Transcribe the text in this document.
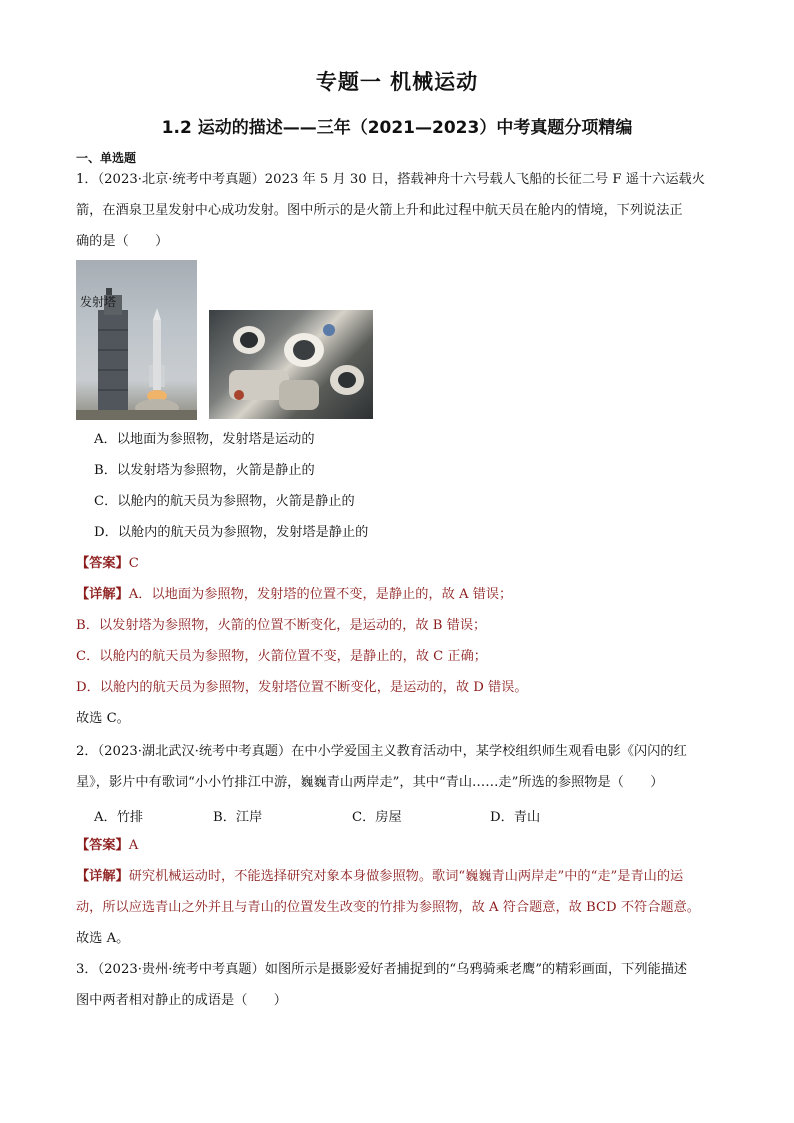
专题一 机械运动
1.2 运动的描述——三年（2021—2023）中考真题分项精编
一、单选题
1．（2023·北京·统考中考真题）2023 年 5 月 30 日，搭载神舟十六号载人飞船的长征二号 F 遥十六运载火
箭，在酒泉卫星发射中心成功发射。图中所示的是火箭上升和此过程中航天员在舱内的情境，下列说法正
确的是（　　）
发射塔
A．以地面为参照物，发射塔是运动的
B．以发射塔为参照物，火箭是静止的
C．以舱内的航天员为参照物，火箭是静止的
D．以舱内的航天员为参照物，发射塔是静止的
【答案】C
【详解】A．以地面为参照物，发射塔的位置不变，是静止的，故 A 错误；
B．以发射塔为参照物，火箭的位置不断变化，是运动的，故 B 错误；
C．以舱内的航天员为参照物，火箭位置不变，是静止的，故 C 正确；
D．以舱内的航天员为参照物，发射塔位置不断变化，是运动的，故 D 错误。
故选 C。
2．（2023·湖北武汉·统考中考真题）在中小学爱国主义教育活动中，某学校组织师生观看电影《闪闪的红
星》，影片中有歌词“小小竹排江中游，巍巍青山两岸走”，其中“青山……走”所选的参照物是（　　）
A．竹排	B．江岸	C．房屋	D．青山
【答案】A
【详解】研究机械运动时，不能选择研究对象本身做参照物。歌词“巍巍青山两岸走”中的“走”是青山的运
动，所以应选青山之外并且与青山的位置发生改变的竹排为参照物，故 A 符合题意，故 BCD 不符合题意。
故选 A。
3．（2023·贵州·统考中考真题）如图所示是摄影爱好者捕捉到的“乌鸦骑乘老鹰”的精彩画面，下列能描述
图中两者相对静止的成语是（　　）
